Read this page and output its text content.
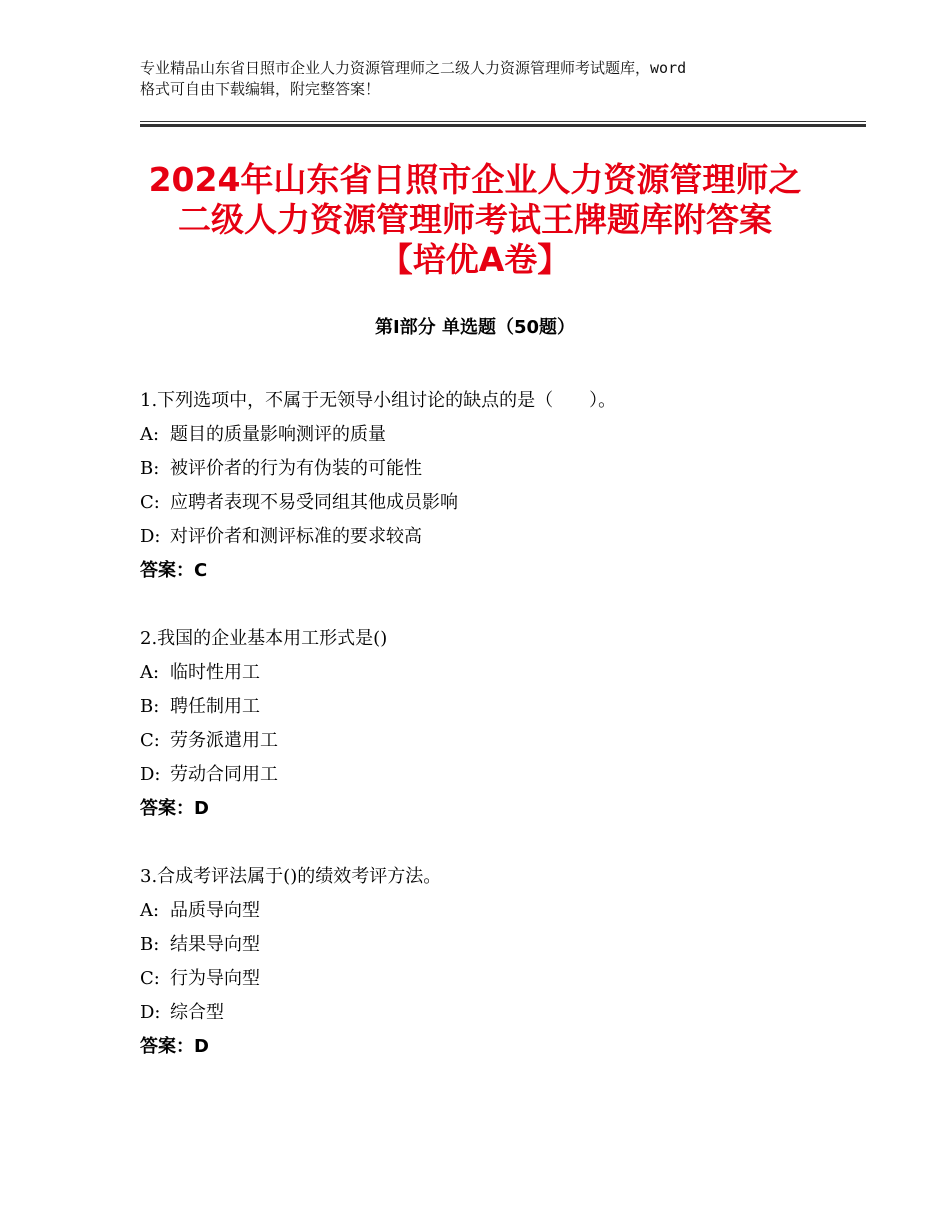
专业精品山东省日照市企业人力资源管理师之二级人力资源管理师考试题库，word
格式可自由下载编辑，附完整答案！
2024年山东省日照市企业人力资源管理师之
二级人力资源管理师考试王牌题库附答案
【培优A卷】
第Ⅰ部分 单选题（50题）
1.下列选项中，不属于无领导小组讨论的缺点的是（　　）。
A: 题目的质量影响测评的质量
B: 被评价者的行为有伪装的可能性
C: 应聘者表现不易受同组其他成员影响
D: 对评价者和测评标准的要求较高
答案：C
2.我国的企业基本用工形式是()
A: 临时性用工
B: 聘任制用工
C: 劳务派遣用工
D: 劳动合同用工
答案：D
3.合成考评法属于()的绩效考评方法。
A: 品质导向型
B: 结果导向型
C: 行为导向型
D: 综合型
答案：D
